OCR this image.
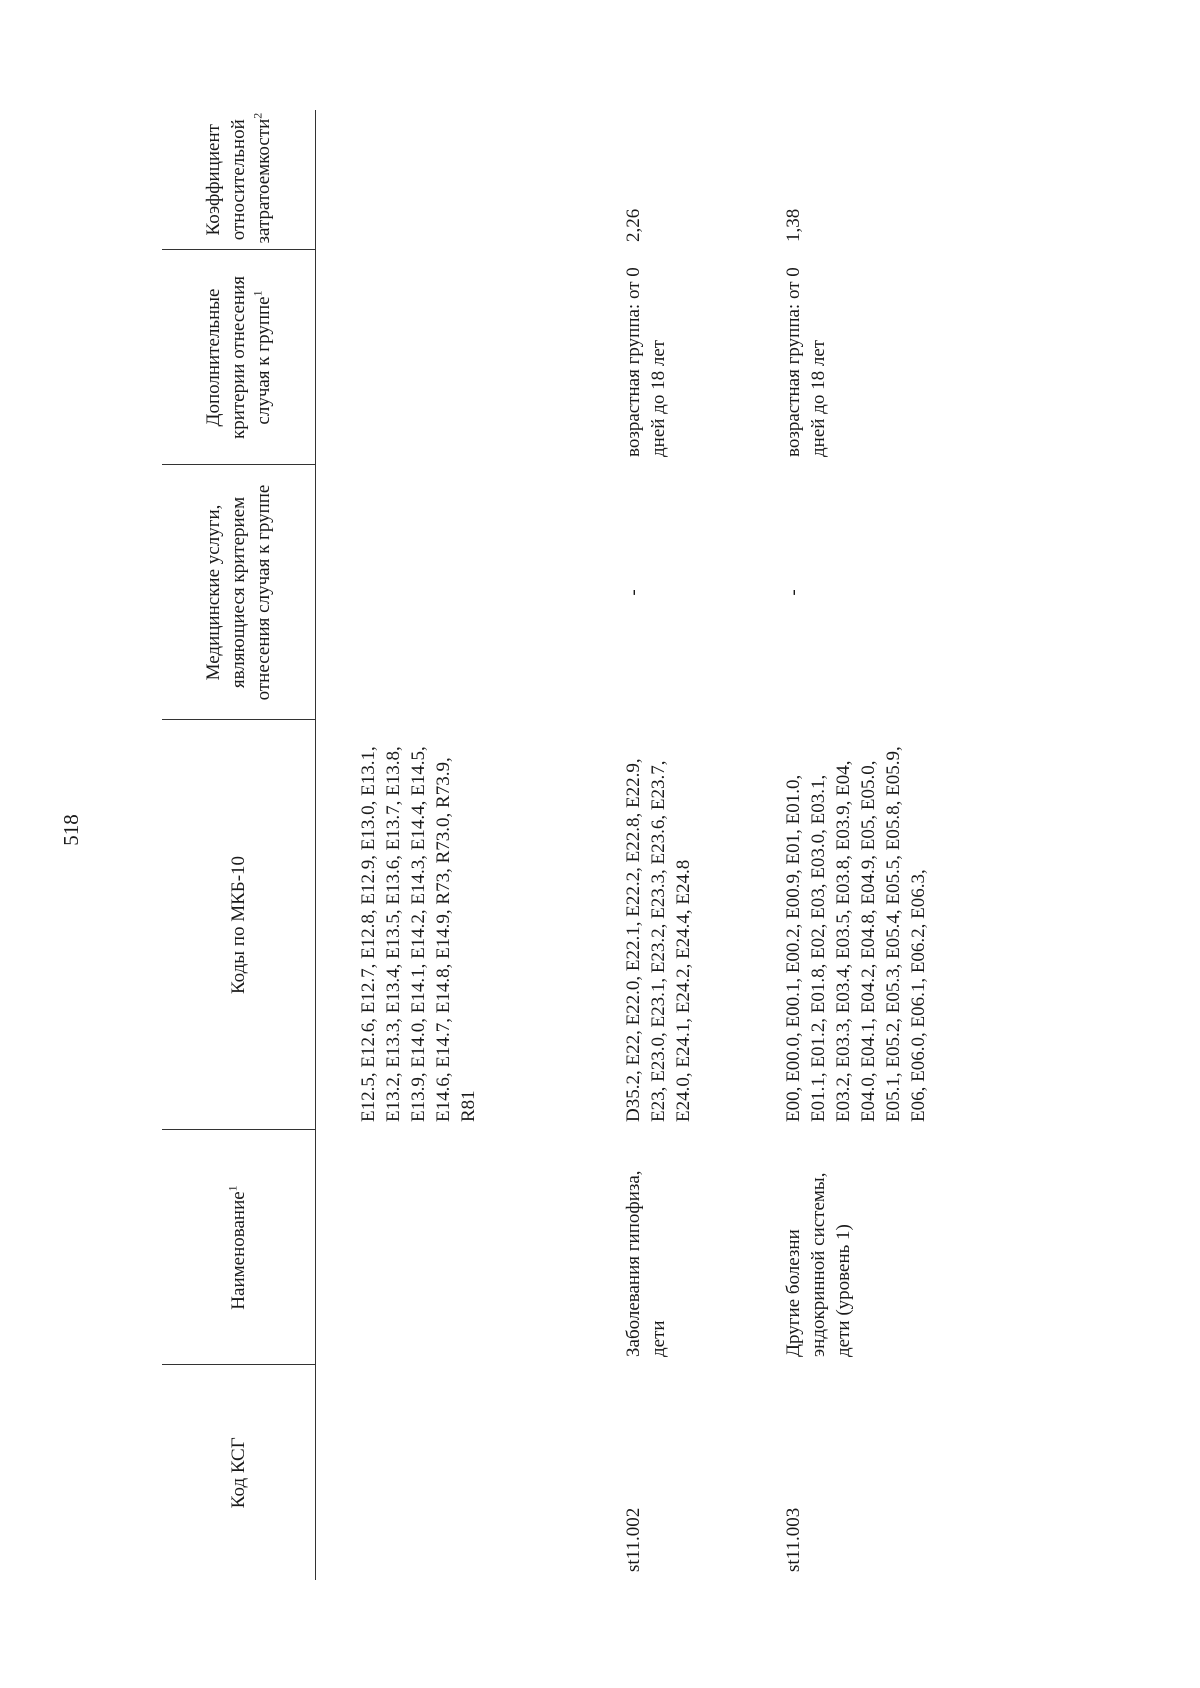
518
Код КСГ	Наименование$^1$	Коды по МКБ-10	Медицинские услуги, являющиеся критерием отнесения случая к группе	Дополнительные критерии отнесения случая к группе$^1$	Коэффициент относительной затратоемкости$^2$
		E12.5, E12.6, E12.7, E12.8, E12.9, E13.0, E13.1, E13.2, E13.3, E13.4, E13.5, E13.6, E13.7, E13.8, E13.9, E14.0, E14.1, E14.2, E14.3, E14.4, E14.5, E14.6, E14.7, E14.8, E14.9, R73, R73.0, R73.9, R81			
st11.002	Заболевания гипофиза, дети	D35.2, E22, E22.0, E22.1, E22.2, E22.8, E22.9, E23, E23.0, E23.1, E23.2, E23.3, E23.6, E23.7, E24.0, E24.1, E24.2, E24.4, E24.8	-	возрастная группа: от 0 дней до 18 лет	2,26
st11.003	Другие болезни эндокринной системы, дети (уровень 1)	E00, E00.0, E00.1, E00.2, E00.9, E01, E01.0, E01.1, E01.2, E01.8, E02, E03, E03.0, E03.1, E03.2, E03.3, E03.4, E03.5, E03.8, E03.9, E04, E04.0, E04.1, E04.2, E04.8, E04.9, E05, E05.0, E05.1, E05.2, E05.3, E05.4, E05.5, E05.8, E05.9, E06, E06.0, E06.1, E06.2, E06.3,	-	возрастная группа: от 0 дней до 18 лет	1,38
